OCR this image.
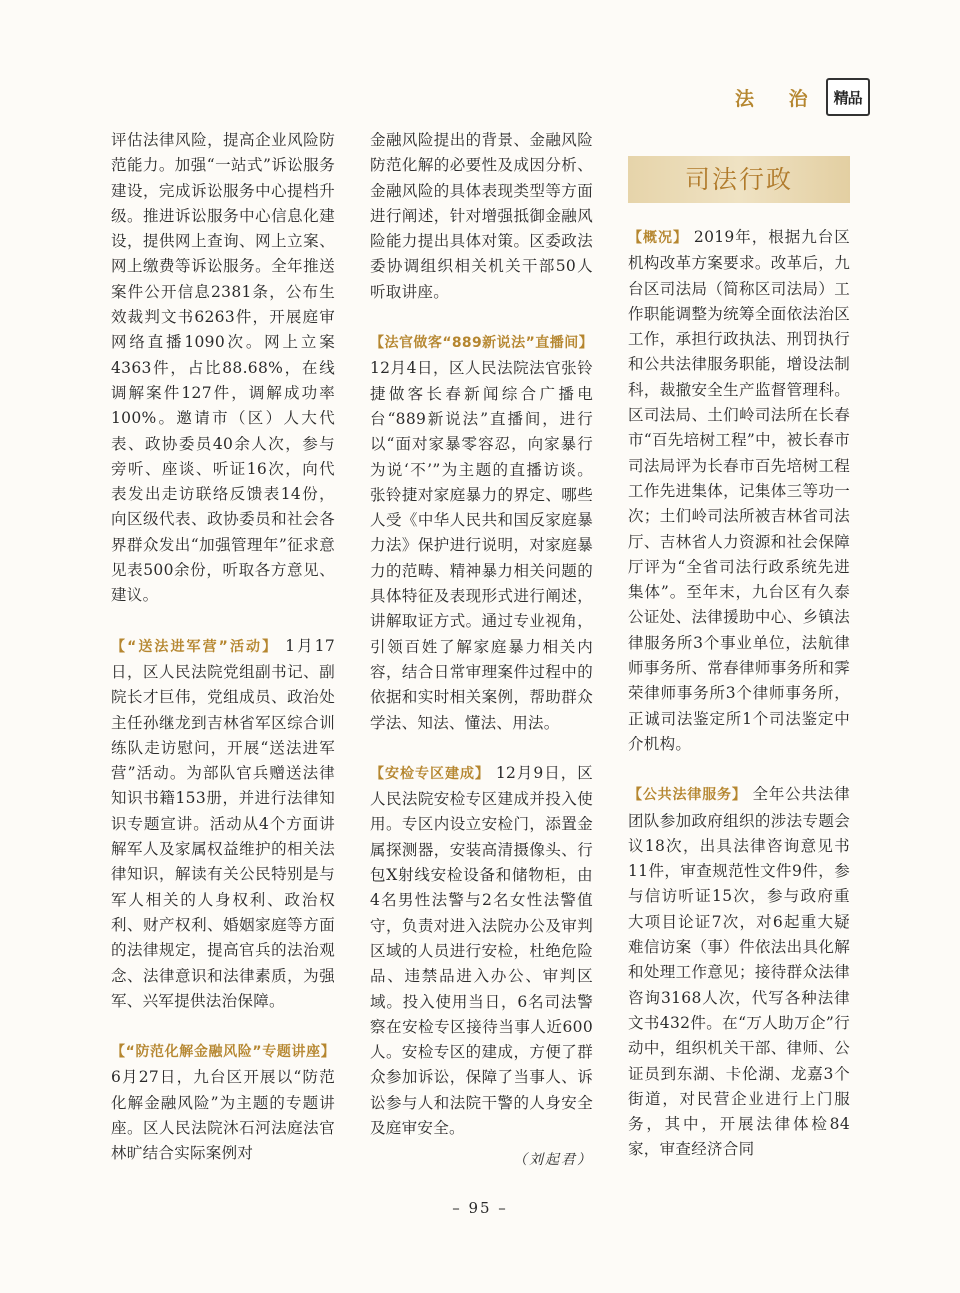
法 治 精品

评估法律风险，提高企业风险防范能力。加强“一站式”诉讼服务建设，完成诉讼服务中心提档升级。推进诉讼服务中心信息化建设，提供网上查询、网上立案、网上缴费等诉讼服务。全年推送案件公开信息2381条，公布生效裁判文书6263件，开展庭审网络直播1090次。网上立案4363件，占比88.68%，在线调解案件127件，调解成功率100%。邀请市（区）人大代表、政协委员40余人次，参与旁听、座谈、听证16次，向代表发出走访联络反馈表14份，向区级代表、政协委员和社会各界群众发出“加强管理年”征求意见表500余份，听取各方意见、建议。

【“送法进军营”活动】 1月17日，区人民法院党组副书记、副院长才巨伟，党组成员、政治处主任孙继龙到吉林省军区综合训练队走访慰问，开展“送法进军营”活动。为部队官兵赠送法律知识书籍153册，并进行法律知识专题宣讲。活动从4个方面讲解军人及家属权益维护的相关法律知识，解读有关公民特别是与军人相关的人身权利、政治权利、财产权利、婚姻家庭等方面的法律规定，提高官兵的法治观念、法律意识和法律素质，为强军、兴军提供法治保障。

【“防范化解金融风险”专题讲座】 6月27日，九台区开展以“防范化解金融风险”为主题的专题讲座。区人民法院沐石河法庭法官林旷结合实际案例对

金融风险提出的背景、金融风险防范化解的必要性及成因分析、金融风险的具体表现类型等方面进行阐述，针对增强抵御金融风险能力提出具体对策。区委政法委协调组织相关机关干部50人听取讲座。

【法官做客“889新说法”直播间】 12月4日，区人民法院法官张铃捷做客长春新闻综合广播电台“889新说法”直播间，进行以“面对家暴零容忍，向家暴行为说‘不’”为主题的直播访谈。张铃捷对家庭暴力的界定、哪些人受《中华人民共和国反家庭暴力法》保护进行说明，对家庭暴力的范畴、精神暴力相关问题的具体特征及表现形式进行阐述，讲解取证方式。通过专业视角，引领百姓了解家庭暴力相关内容，结合日常审理案件过程中的依据和实时相关案例，帮助群众学法、知法、懂法、用法。

【安检专区建成】 12月9日，区人民法院安检专区建成并投入使用。专区内设立安检门，添置金属探测器，安装高清摄像头、行包X射线安检设备和储物柜，由4名男性法警与2名女性法警值守，负责对进入法院办公及审判区域的人员进行安检，杜绝危险品、违禁品进入办公、审判区域。投入使用当日，6名司法警察在安检专区接待当事人近600人。安检专区的建成，方便了群众参加诉讼，保障了当事人、诉讼参与人和法院干警的人身安全及庭审安全。

（刘起君）
司法行政

【概况】 2019年，根据九台区机构改革方案要求。改革后，九台区司法局（简称区司法局）工作职能调整为统筹全面依法治区工作，承担行政执法、刑罚执行和公共法律服务职能，增设法制科，裁撤安全生产监督管理科。区司法局、土们岭司法所在长春市“百先培树工程”中，被长春市司法局评为长春市百先培树工程工作先进集体，记集体三等功一次；土们岭司法所被吉林省司法厅、吉林省人力资源和社会保障厅评为“全省司法行政系统先进集体”。至年末，九台区有久泰公证处、法律援助中心、乡镇法律服务所3个事业单位，法航律师事务所、常春律师事务所和霁荣律师事务所3个律师事务所，正诚司法鉴定所1个司法鉴定中介机构。

【公共法律服务】 全年公共法律团队参加政府组织的涉法专题会议18次，出具法律咨询意见书11件，审查规范性文件9件，参与信访听证15次，参与政府重大项目论证7次，对6起重大疑难信访案（事）件依法出具化解和处理工作意见；接待群众法律咨询3168人次，代写各种法律文书432件。在“万人助万企”行动中，组织机关干部、律师、公证员到东湖、卡伦湖、龙嘉3个街道，对民营企业进行上门服务，其中，开展法律体检84家，审查经济合同

– 95 –
